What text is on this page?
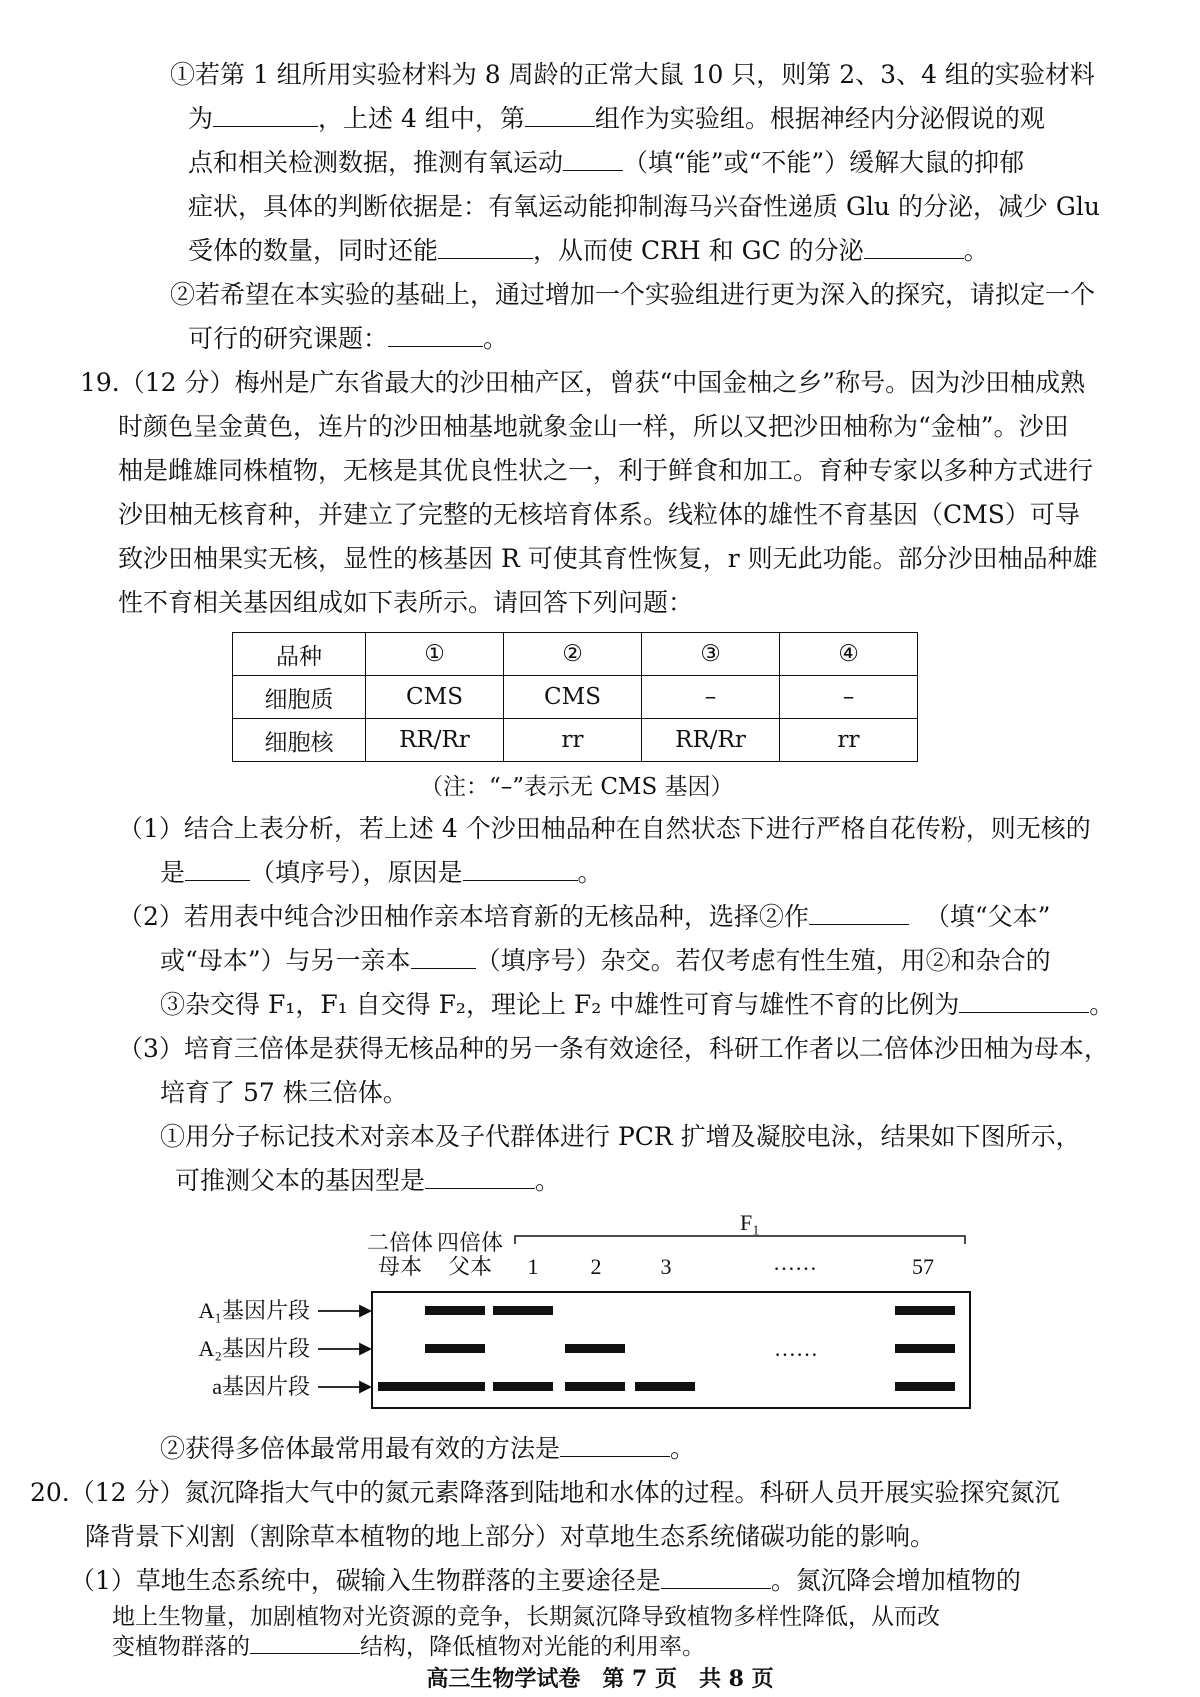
①若第 1 组所用实验材料为 8 周龄的正常大鼠 10 只，则第 2、3、4 组的实验材料
为	，上述 4 组中，第	组作为实验组。根据神经内分泌假说的观
点和相关检测数据，推测有氧运动 （填“能”或“不能”）缓解大鼠的抑郁
症状，具体的判断依据是：有氧运动能抑制海马兴奋性递质 Glu 的分泌，减少 Glu
受体的数量，同时还能	，从而使 CRH 和 GC 的分泌	。
②若希望在本实验的基础上，通过增加一个实验组进行更为深入的探究，请拟定一个
可行的研究课题：	。
19.（12 分）梅州是广东省最大的沙田柚产区，曾获“中国金柚之乡”称号。因为沙田柚成熟
时颜色呈金黄色，连片的沙田柚基地就象金山一样，所以又把沙田柚称为“金柚”。沙田
柚是雌雄同株植物，无核是其优良性状之一，利于鲜食和加工。育种专家以多种方式进行
沙田柚无核育种，并建立了完整的无核培育体系。线粒体的雄性不育基因（CMS）可导
致沙田柚果实无核，显性的核基因 R 可使其育性恢复，r 则无此功能。部分沙田柚品种雄
性不育相关基因组成如下表所示。请回答下列问题：
品种	①	②	③	④
细胞质	CMS	CMS	–	–
细胞核	RR/Rr	rr	RR/Rr	rr
（注：“–”表示无 CMS 基因）
（1）结合上表分析，若上述 4 个沙田柚品种在自然状态下进行严格自花传粉，则无核的
是	（填序号），原因是	。
（2）若用表中纯合沙田柚作亲本培育新的无核品种，选择②作	（填“父本”
或“母本”）与另一亲本	（填序号）杂交。若仅考虑有性生殖，用②和杂合的
③杂交得 F₁，F₁ 自交得 F₂，理论上 F₂ 中雄性可育与雄性不育的比例为	。
（3）培育三倍体是获得无核品种的另一条有效途径，科研工作者以二倍体沙田柚为母本，
培育了 57 株三倍体。
①用分子标记技术对亲本及子代群体进行 PCR 扩增及凝胶电泳，结果如下图所示，
可推测父本的基因型是	。
二倍体
母本
四倍体
父本
F₁
1 2	3	……	57
A₁基因片段
A₂基因片段
a基因片段
……
②获得多倍体最常用最有效的方法是	。
20.（12 分）氮沉降指大气中的氮元素降落到陆地和水体的过程。科研人员开展实验探究氮沉
降背景下刈割（割除草本植物的地上部分）对草地生态系统储碳功能的影响。
（1）草地生态系统中，碳输入生物群落的主要途径是	。氮沉降会增加植物的
地上生物量，加剧植物对光资源的竞争，长期氮沉降导致植物多样性降低，从而改
高三生物学试卷　第 7 页　共 8 页
变植物群落的	结构，降低植物对光能的利用率。
